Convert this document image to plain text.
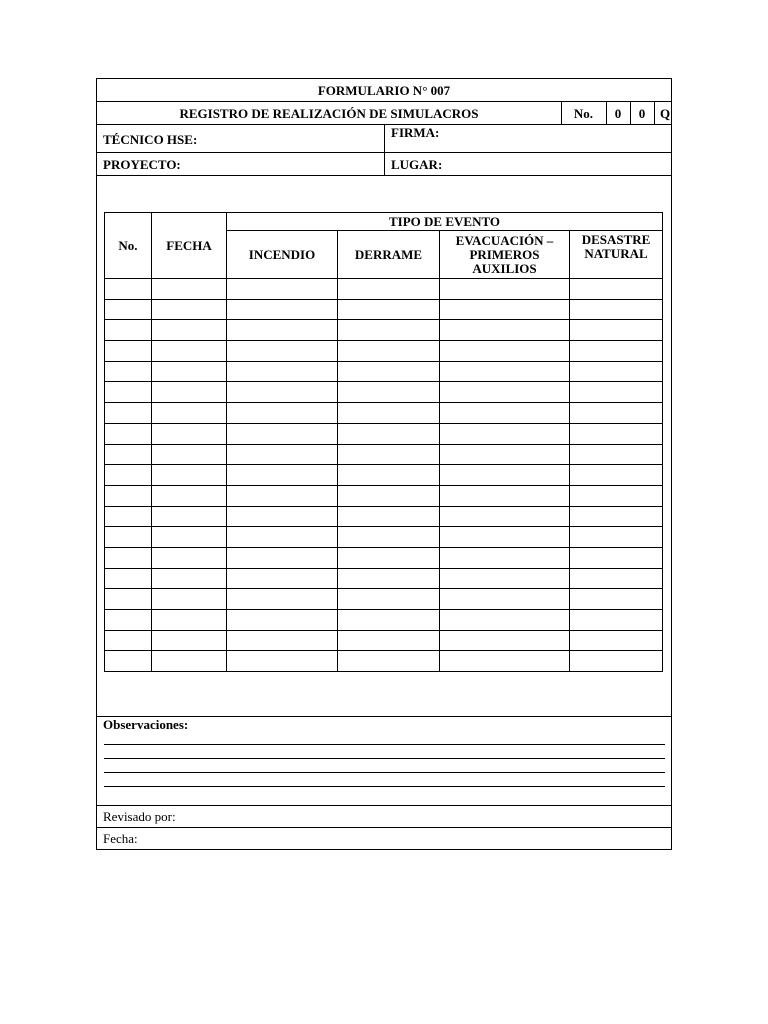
FORMULARIO N° 007
REGISTRO DE REALIZACIÓN DE SIMULACROS	No.	0	0	Q
TÉCNICO HSE:	FIRMA:
PROYECTO:	LUGAR:
No.	FECHA	TIPO DE EVENTO			
		INCENDIO	DERRAME	EVACUACIÓN – PRIMEROS AUXILIOS	DESASTRE NATURAL

Observaciones:
Revisado por:
Fecha:
